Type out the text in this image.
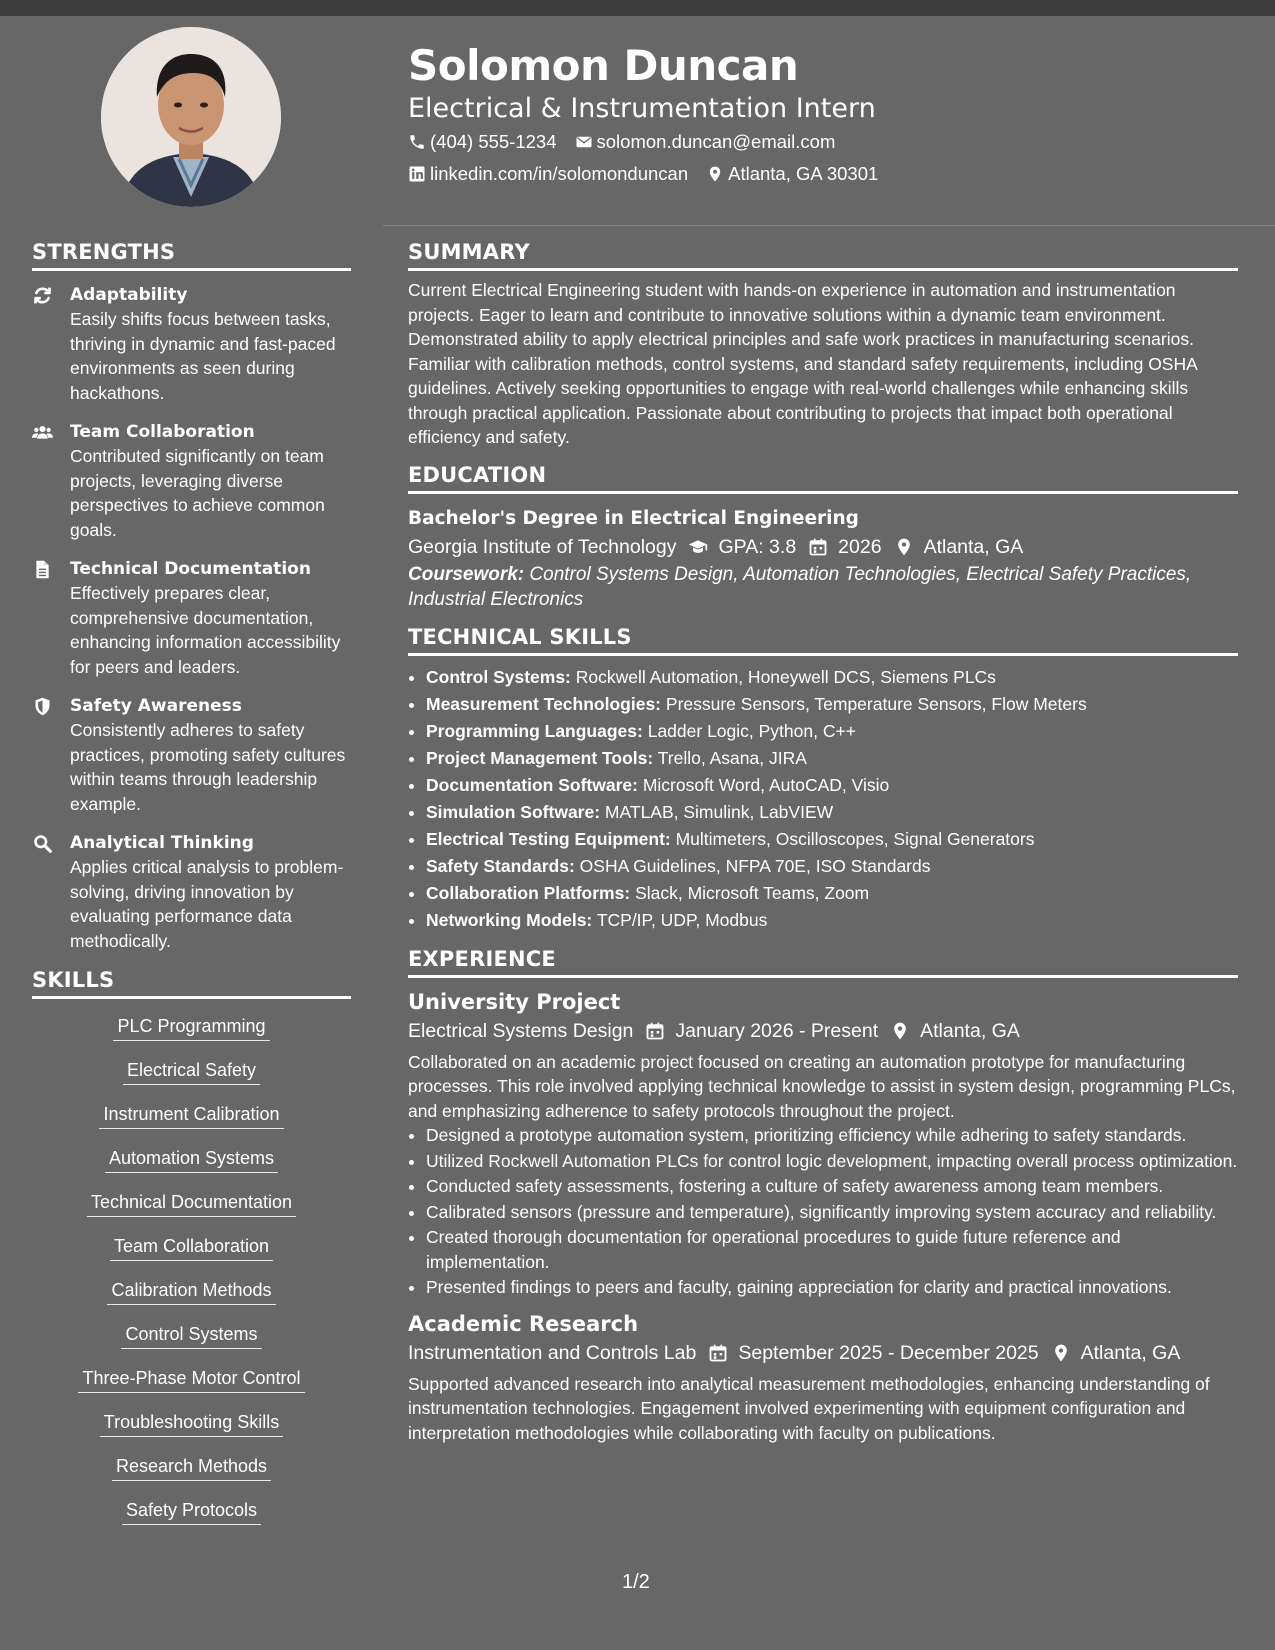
STRENGTHS
Adaptability
Easily shifts focus between tasks, thriving in dynamic and fast-paced environments as seen during hackathons.
Team Collaboration
Contributed significantly on team projects, leveraging diverse perspectives to achieve common goals.
Technical Documentation
Effectively prepares clear, comprehensive documentation, enhancing information accessibility for peers and leaders.
Safety Awareness
Consistently adheres to safety practices, promoting safety cultures within teams through leadership example.
Analytical Thinking
Applies critical analysis to problem-solving, driving innovation by evaluating performance data methodically.
SKILLS
PLC Programming
Electrical Safety
Instrument Calibration
Automation Systems
Technical Documentation
Team Collaboration
Calibration Methods
Control Systems
Three-Phase Motor Control
Troubleshooting Skills
Research Methods
Safety Protocols
Solomon Duncan
Electrical & Instrumentation Intern
(404) 555-1234 solomon.duncan@email.com
linkedin.com/in/solomonduncan Atlanta, GA 30301
SUMMARY

Current Electrical Engineering student with hands-on experience in automation and instrumentation projects. Eager to learn and contribute to innovative solutions within a dynamic team environment. Demonstrated ability to apply electrical principles and safe work practices in manufacturing scenarios. Familiar with calibration methods, control systems, and standard safety requirements, including OSHA guidelines. Actively seeking opportunities to engage with real-world challenges while enhancing skills through practical application. Passionate about contributing to projects that impact both operational efficiency and safety.

EDUCATION
Bachelor's Degree in Electrical Engineering
Georgia Institute of Technology GPA: 3.8 2026 Atlanta, GA
Coursework: Control Systems Design, Automation Technologies, Electrical Safety Practices, Industrial Electronics
TECHNICAL SKILLS
• Control Systems: Rockwell Automation, Honeywell DCS, Siemens PLCs
• Measurement Technologies: Pressure Sensors, Temperature Sensors, Flow Meters
• Programming Languages: Ladder Logic, Python, C++
• Project Management Tools: Trello, Asana, JIRA
• Documentation Software: Microsoft Word, AutoCAD, Visio
• Simulation Software: MATLAB, Simulink, LabVIEW
• Electrical Testing Equipment: Multimeters, Oscilloscopes, Signal Generators
• Safety Standards: OSHA Guidelines, NFPA 70E, ISO Standards
• Collaboration Platforms: Slack, Microsoft Teams, Zoom
• Networking Models: TCP/IP, UDP, Modbus
EXPERIENCE
University Project
Electrical Systems Design January 2026 - Present Atlanta, GA

Collaborated on an academic project focused on creating an automation prototype for manufacturing processes. This role involved applying technical knowledge to assist in system design, programming PLCs, and emphasizing adherence to safety protocols throughout the project.

• Designed a prototype automation system, prioritizing efficiency while adhering to safety standards.
• Utilized Rockwell Automation PLCs for control logic development, impacting overall process optimization.
• Conducted safety assessments, fostering a culture of safety awareness among team members.
• Calibrated sensors (pressure and temperature), significantly improving system accuracy and reliability.
• Created thorough documentation for operational procedures to guide future reference and implementation.
• Presented findings to peers and faculty, gaining appreciation for clarity and practical innovations.
Academic Research
Instrumentation and Controls Lab September 2025 - December 2025 Atlanta, GA

Supported advanced research into analytical measurement methodologies, enhancing understanding of instrumentation technologies. Engagement involved experimenting with equipment configuration and interpretation methodologies while collaborating with faculty on publications.

1/2
